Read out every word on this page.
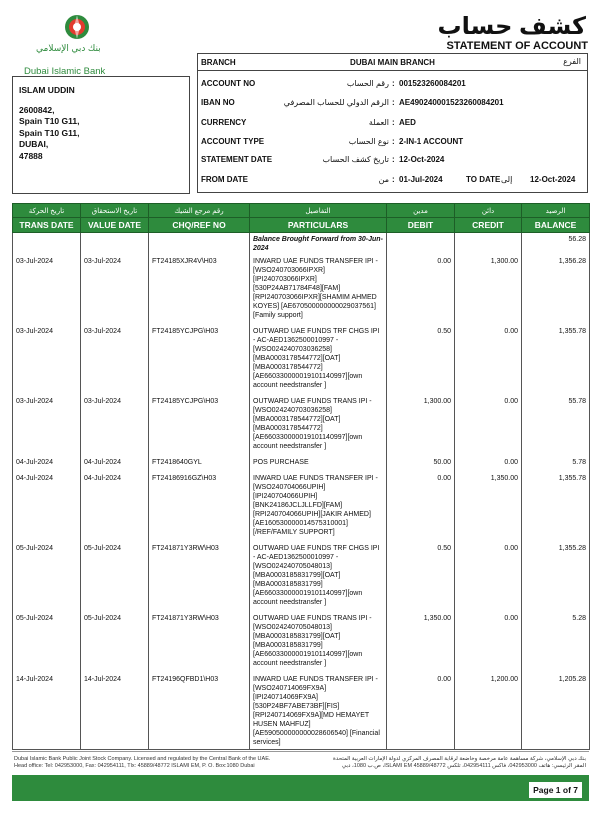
بنك دبي الإسلامي
Dubai Islamic Bank
كشف حساب
STATEMENT OF ACCOUNT
ISLAM UDDIN
2600842,
Spain T10 G11,
Spain T10 G11,
DUBAI,
47888
BRANCH	DUBAI MAIN BRANCH	الفرع
ACCOUNT NO	رقم الحساب : 001523260084201
IBAN NO	الرقم الدولي للحساب المصرفي : AE490240001523260084201
CURRENCY	العملة : AED
ACCOUNT TYPE	نوع الحساب : 2-IN-1 ACCOUNT
STATEMENT DATE	تاريخ كشف الحساب : 12-Oct-2024
FROM DATE	من : 01-Jul-2024	TO DATE إلى 12-Oct-2024
تاريخ الحركة	تاريخ الاستحقاق	رقم مرجع الشيك	التفاصيل	مدين	دائن	الرصيد
TRANS DATE	VALUE DATE	CHQ/REF NO	PARTICULARS	DEBIT	CREDIT	BALANCE
			Balance Brought Forward from 30-Jun-2024			56.28
03-Jul-2024	03-Jul-2024	FT24185XJR4V\H03	INWARD UAE FUNDS TRANSFER IPI - [WSO240703066IPXR] [IPI240703066IPXR] [530P24AB71784F48][FAM] [RPI240703066IPXR][SHAMIM AHMED KOYES] [AE670500000000029037561][Family support]	0.00	1,300.00	1,356.28
03-Jul-2024	03-Jul-2024	FT24185YCJPG\H03	OUTWARD UAE FUNDS TRF CHGS IPI - AC-AED1362500010997 - [WSO024240703036258] [MBA0003178544772][OAT] [MBA0003178544772] [AE660330000019101140997][own account needstransfer ]	0.50	0.00	1,355.78
03-Jul-2024	03-Jul-2024	FT24185YCJPG\H03	OUTWARD UAE FUNDS TRANS IPI - [WSO024240703036258] [MBA0003178544772][OAT] [MBA0003178544772] [AE660330000019101140997][own account needstransfer ]	1,300.00	0.00	55.78
04-Jul-2024	04-Jul-2024	FT2418640GYL	POS PURCHASE	50.00	0.00	5.78
04-Jul-2024	04-Jul-2024	FT24186916GZ\H03	INWARD UAE FUNDS TRANSFER IPI - [WSO240704066UPIH] [IPI240704066UPIH] [BNK24186JCLJLLFD][FAM] [RPI240704066UPIH][JAKIR AHMED] [AE160530000014575310001] [/REF/FAMILY SUPPORT]	0.00	1,350.00	1,355.78
05-Jul-2024	05-Jul-2024	FT241871Y3RW\H03	OUTWARD UAE FUNDS TRF CHGS IPI - AC-AED1362500010997 - [WSO024240705048013] [MBA0003185831799][OAT] [MBA0003185831799] [AE660330000019101140997][own account needstransfer ]	0.50	0.00	1,355.28
05-Jul-2024	05-Jul-2024	FT241871Y3RW\H03	OUTWARD UAE FUNDS TRANS IPI - [WSO024240705048013] [MBA0003185831799][OAT] [MBA0003185831799] [AE660330000019101140997][own account needstransfer ]	1,350.00	0.00	5.28
14-Jul-2024	14-Jul-2024	FT24196QFBD1\H03	INWARD UAE FUNDS TRANSFER IPI - [WSO240714069FX9A] [IPI240714069FX9A] [530P24BF7ABE73BF][FIS] [RPI240714069FX9A][MD HEMAYET HUSEN MAHFUZ] [AE590500000000028606540] [Financial services]	0.00	1,200.00	1,205.28
Dubai Islamic Bank Public Joint Stock Company. Licensed and regulated by the Central Bank of the UAE.
Head office: Tel: 042953000, Fax: 042954111, Tlx: 45889/48772 ISLAMI EM, P. O. Box:1080 Dubai
بنك دبي الإسلامي، شركة مساهمة عامة مرخصة وخاضعة لرقابة المصرف المركزي لدولة الإمارات العربية المتحدة
المقر الرئيسي: هاتف 042953000، فاكس 042954111، تلكس 45889/48772 ISLAMI EM، ص.ب 1080، دبي
Page 1 of 7
